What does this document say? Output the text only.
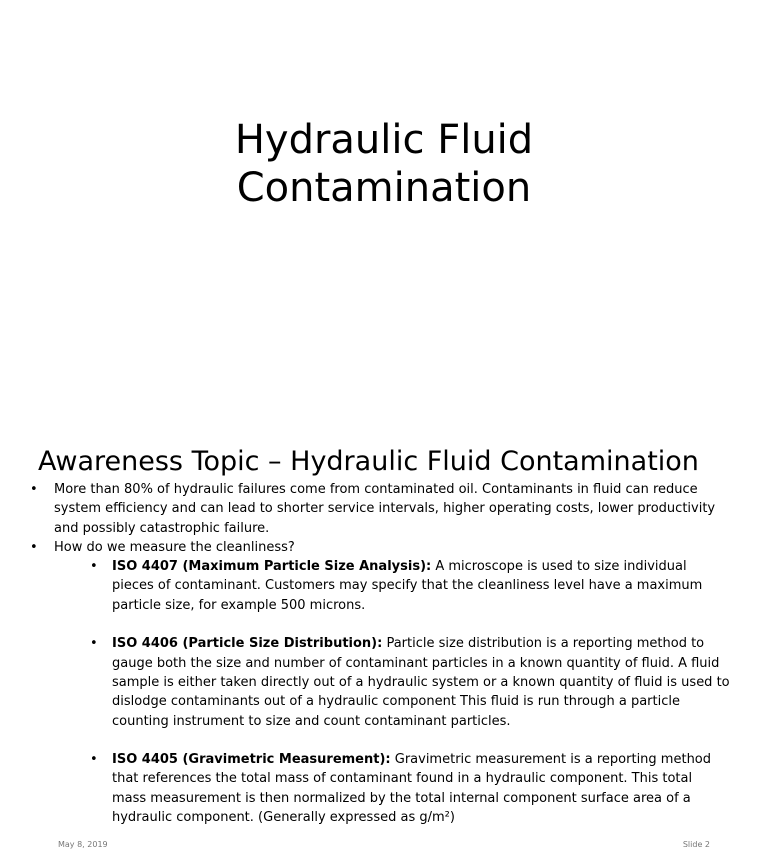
Hydraulic Fluid
Contamination
Awareness Topic – Hydraulic Fluid Contamination
• More than 80% of hydraulic failures come from contaminated oil. Contaminants in fluid can reduce system efficiency and can lead to shorter service intervals, higher operating costs, lower productivity and possibly catastrophic failure.
• How do we measure the cleanliness?
• ISO 4407 (Maximum Particle Size Analysis): A microscope is used to size individual pieces of contaminant. Customers may specify that the cleanliness level have a maximum particle size, for example 500 microns.
• ISO 4406 (Particle Size Distribution): Particle size distribution is a reporting method to gauge both the size and number of contaminant particles in a known quantity of fluid. A fluid sample is either taken directly out of a hydraulic system or a known quantity of fluid is used to dislodge contaminants out of a hydraulic component This fluid is run through a particle counting instrument to size and count contaminant particles.
• ISO 4405 (Gravimetric Measurement): Gravimetric measurement is a reporting method that references the total mass of contaminant found in a hydraulic component. This total mass measurement is then normalized by the total internal component surface area of a hydraulic component. (Generally expressed as g/m²)
May 8, 2019	Slide 2
